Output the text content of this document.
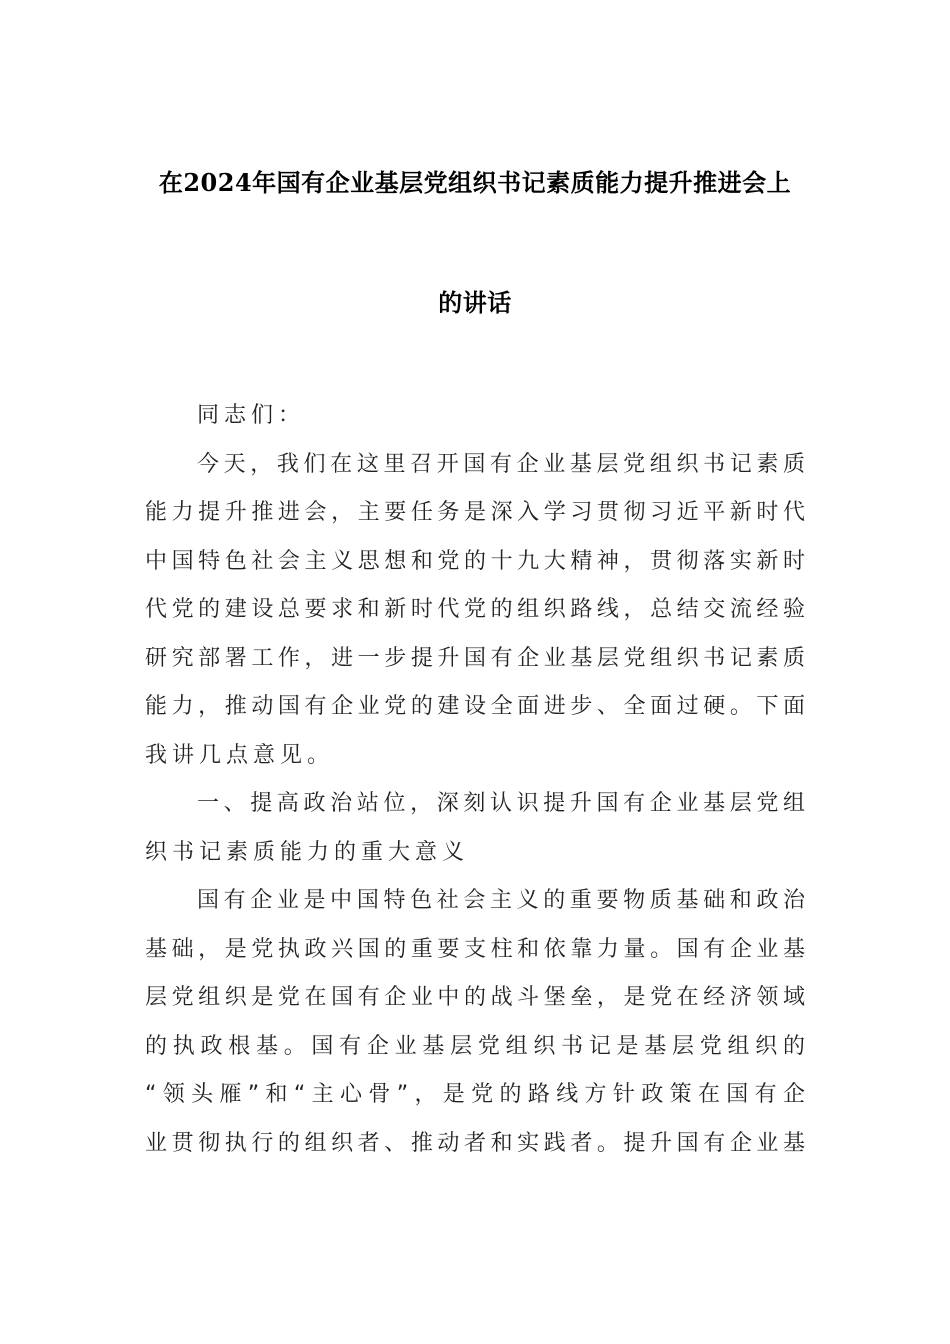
在2024年国有企业基层党组织书记素质能力提升推进会上
的讲话
同志们：
今天，我们在这里召开国有企业基层党组织书记素质
能力提升推进会，主要任务是深入学习贯彻习近平新时代
中国特色社会主义思想和党的十九大精神，贯彻落实新时
代党的建设总要求和新时代党的组织路线，总结交流经验
研究部署工作，进一步提升国有企业基层党组织书记素质
能力，推动国有企业党的建设全面进步、全面过硬。下面
我讲几点意见。
一、提高政治站位，深刻认识提升国有企业基层党组
织书记素质能力的重大意义
国有企业是中国特色社会主义的重要物质基础和政治
基础，是党执政兴国的重要支柱和依靠力量。国有企业基
层党组织是党在国有企业中的战斗堡垒，是党在经济领域
的执政根基。国有企业基层党组织书记是基层党组织的
“领头雁”和“主心骨”，是党的路线方针政策在国有企
业贯彻执行的组织者、推动者和实践者。提升国有企业基
